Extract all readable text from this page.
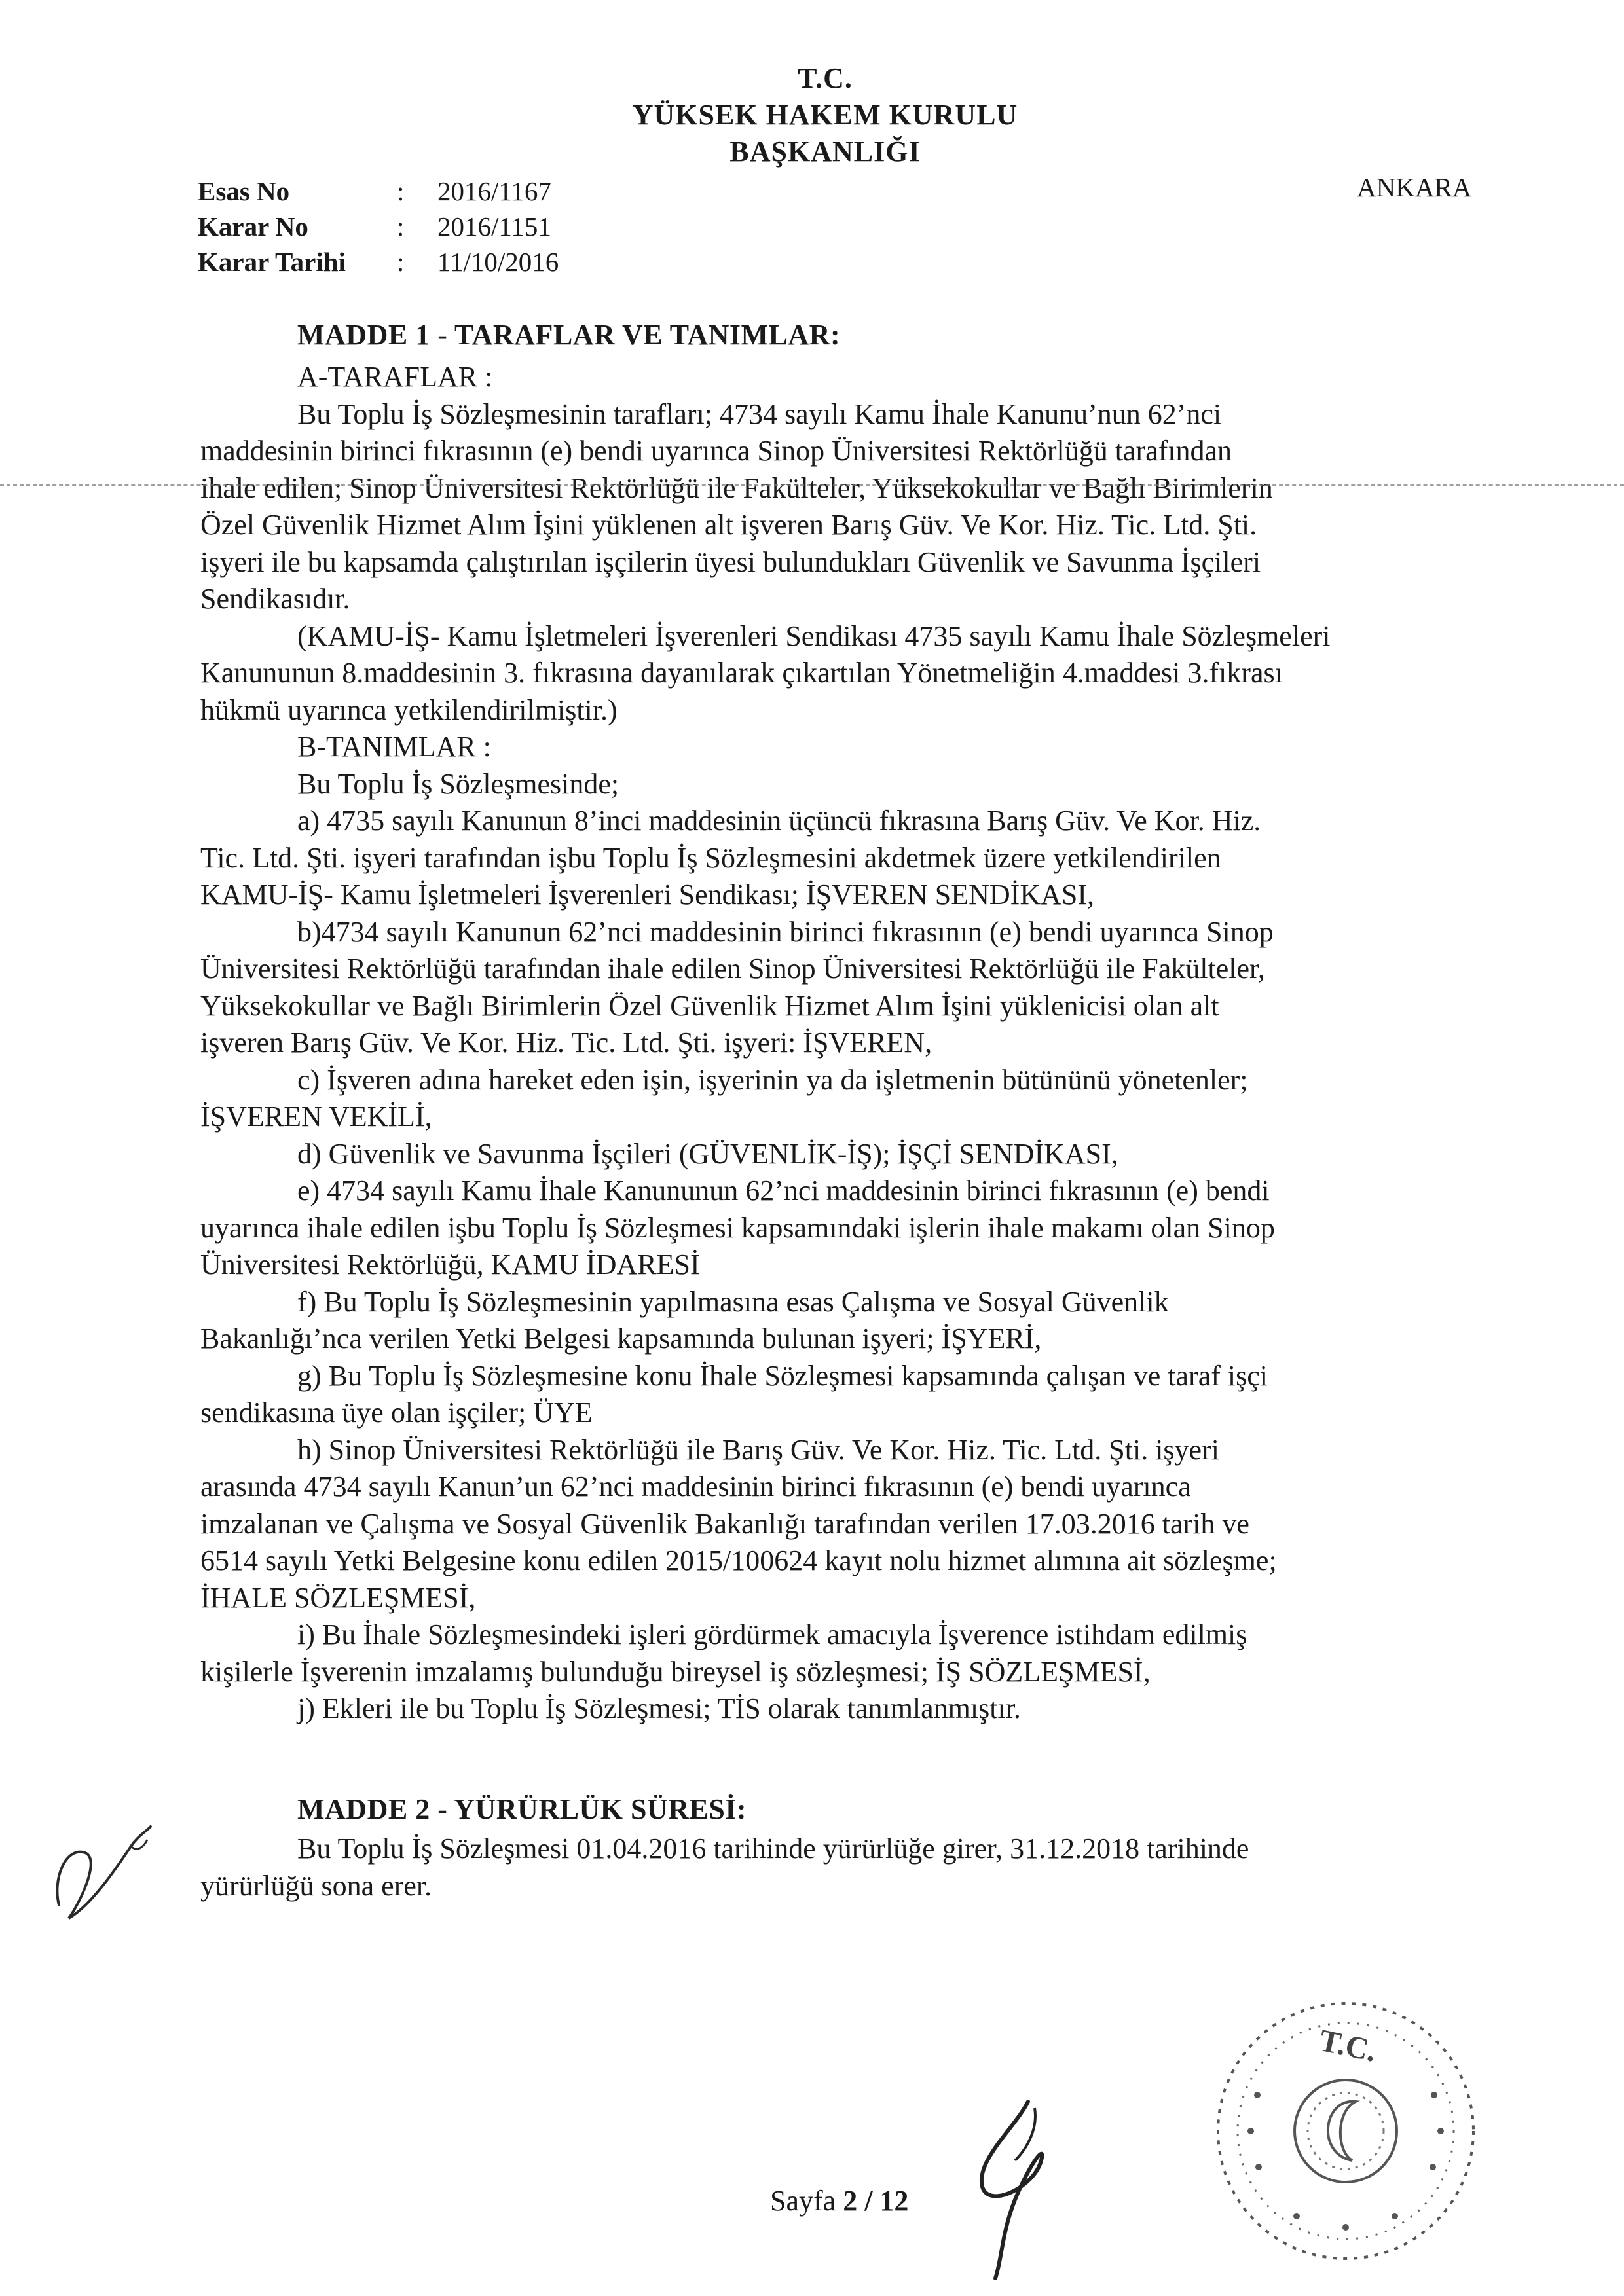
T.C.
YÜKSEK HAKEM KURULU
BAŞKANLIĞI
Esas No	:	2016/1167
Karar No	:	2016/1151
Karar Tarihi	:	11/10/2016
ANKARA
MADDE 1 - TARAFLAR VE TANIMLAR:
A-TARAFLAR :
Bu Toplu İş Sözleşmesinin tarafları; 4734 sayılı Kamu İhale Kanunu’nun 62’nci
maddesinin birinci fıkrasının (e) bendi uyarınca Sinop Üniversitesi Rektörlüğü tarafından
ihale edilen; Sinop Üniversitesi Rektörlüğü ile Fakülteler, Yüksekokullar ve Bağlı Birimlerin
Özel Güvenlik Hizmet Alım İşini yüklenen alt işveren Barış Güv. Ve Kor. Hiz. Tic. Ltd. Şti.
işyeri ile bu kapsamda çalıştırılan işçilerin üyesi bulundukları Güvenlik ve Savunma İşçileri
Sendikasıdır.
(KAMU-İŞ- Kamu İşletmeleri İşverenleri Sendikası 4735 sayılı Kamu İhale Sözleşmeleri
Kanununun 8.maddesinin 3. fıkrasına dayanılarak çıkartılan Yönetmeliğin 4.maddesi 3.fıkrası
hükmü uyarınca yetkilendirilmiştir.)
B-TANIMLAR :
Bu Toplu İş Sözleşmesinde;
a) 4735 sayılı Kanunun 8’inci maddesinin üçüncü fıkrasına Barış Güv. Ve Kor. Hiz.
Tic. Ltd. Şti. işyeri tarafından işbu Toplu İş Sözleşmesini akdetmek üzere yetkilendirilen
KAMU-İŞ- Kamu İşletmeleri İşverenleri Sendikası; İŞVEREN SENDİKASI,
b)4734 sayılı Kanunun 62’nci maddesinin birinci fıkrasının (e) bendi uyarınca Sinop
Üniversitesi Rektörlüğü tarafından ihale edilen Sinop Üniversitesi Rektörlüğü ile Fakülteler,
Yüksekokullar ve Bağlı Birimlerin Özel Güvenlik Hizmet Alım İşini yüklenicisi olan alt
işveren Barış Güv. Ve Kor. Hiz. Tic. Ltd. Şti. işyeri: İŞVEREN,
c) İşveren adına hareket eden işin, işyerinin ya da işletmenin bütününü yönetenler;
İŞVEREN VEKİLİ,
d) Güvenlik ve Savunma İşçileri (GÜVENLİK-İŞ); İŞÇİ SENDİKASI,
e) 4734 sayılı Kamu İhale Kanununun 62’nci maddesinin birinci fıkrasının (e) bendi
uyarınca ihale edilen işbu Toplu İş Sözleşmesi kapsamındaki işlerin ihale makamı olan Sinop
Üniversitesi Rektörlüğü, KAMU İDARESİ
f) Bu Toplu İş Sözleşmesinin yapılmasına esas Çalışma ve Sosyal Güvenlik
Bakanlığı’nca verilen Yetki Belgesi kapsamında bulunan işyeri; İŞYERİ,
g) Bu Toplu İş Sözleşmesine konu İhale Sözleşmesi kapsamında çalışan ve taraf işçi
sendikasına üye olan işçiler; ÜYE
h) Sinop Üniversitesi Rektörlüğü ile Barış Güv. Ve Kor. Hiz. Tic. Ltd. Şti. işyeri
arasında 4734 sayılı Kanun’un 62’nci maddesinin birinci fıkrasının (e) bendi uyarınca
imzalanan ve Çalışma ve Sosyal Güvenlik Bakanlığı tarafından verilen 17.03.2016 tarih ve
6514 sayılı Yetki Belgesine konu edilen 2015/100624 kayıt nolu hizmet alımına ait sözleşme;
İHALE SÖZLEŞMESİ,
i) Bu İhale Sözleşmesindeki işleri gördürmek amacıyla İşverence istihdam edilmiş
kişilerle İşverenin imzalamış bulunduğu bireysel iş sözleşmesi; İŞ SÖZLEŞMESİ,
j) Ekleri ile bu Toplu İş Sözleşmesi; TİS olarak tanımlanmıştır.
MADDE 2 - YÜRÜRLÜK SÜRESİ:
Bu Toplu İş Sözleşmesi 01.04.2016 tarihinde yürürlüğe girer, 31.12.2018 tarihinde
yürürlüğü sona erer.
T.C.
Sayfa 2 / 12
